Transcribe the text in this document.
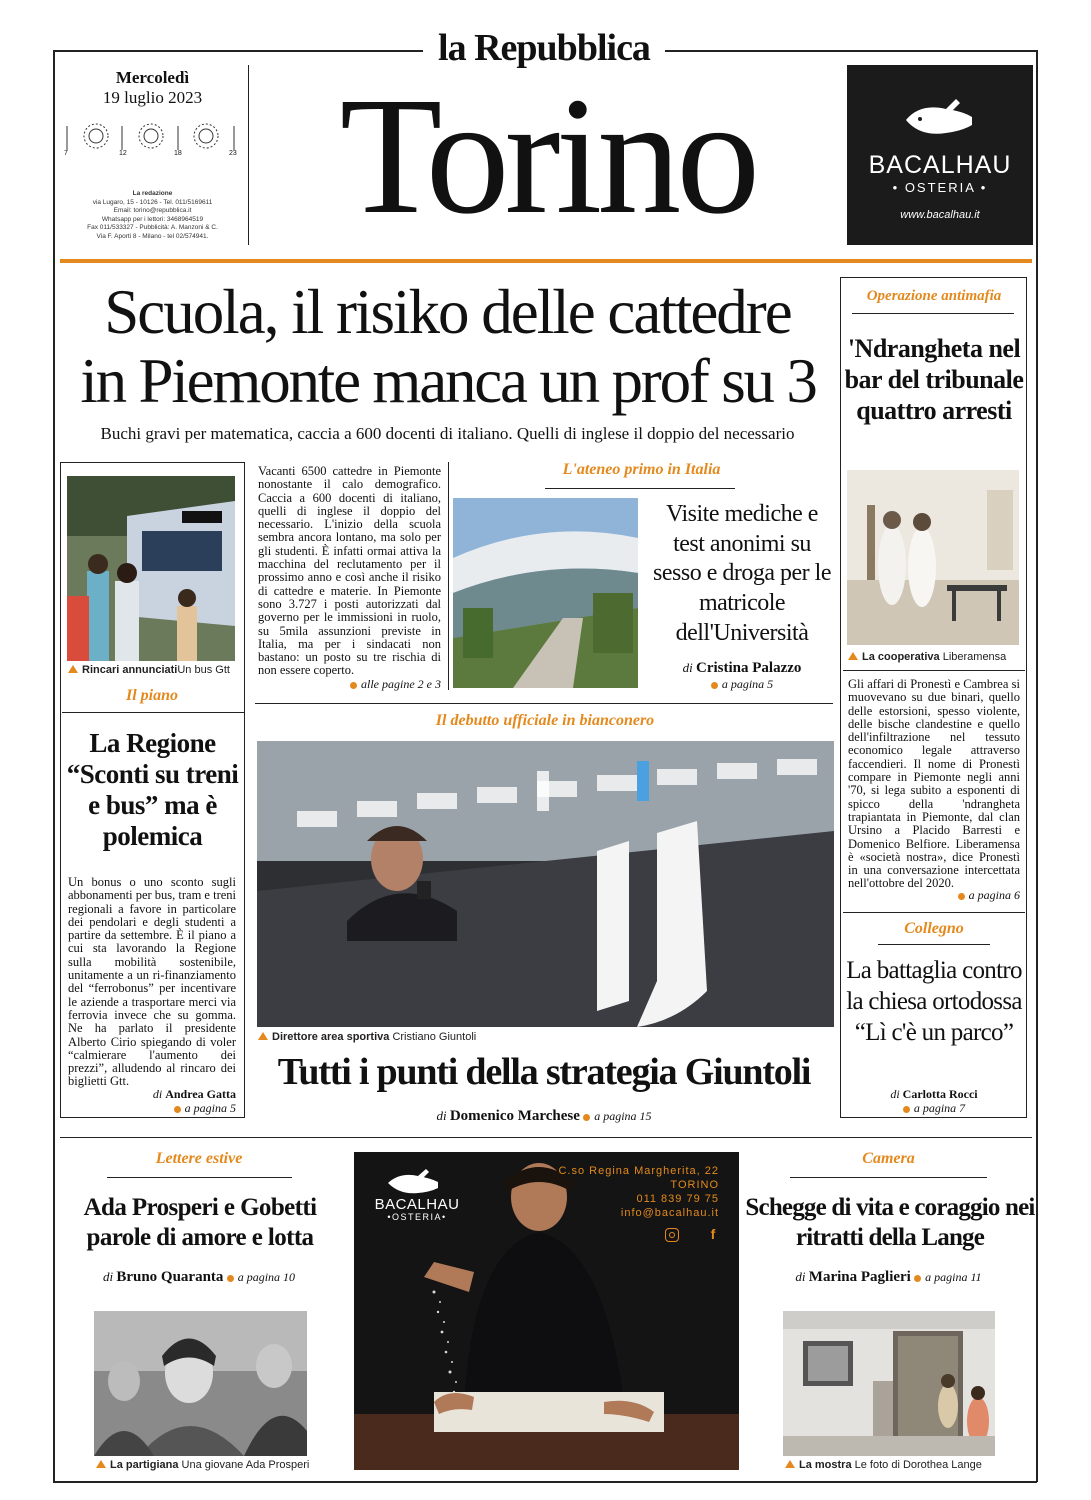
la Repubblica
Mercoledì
19 luglio 2023
7	12	18	23
La redazione
via Lugaro, 15 - 10126 - Tel. 011/5169611
Email: torino@repubblica.it
Whatsapp per i lettori: 3468964519
Fax 011/533327 - Pubblicità: A. Manzoni & C.
Via F. Aporti 8 - Milano - tel 02/574941. Torino	BACALHAU
• OSTERIA •
www.bacalhau.it
Scuola, il risiko delle cattedre
in Piemonte manca un prof su 3
Buchi gravi per matematica, caccia a 600 docenti di italiano. Quelli di inglese il doppio del necessario
Operazione antimafia
'Ndrangheta nel bar del tribunale quattro arresti
La cooperativa Liberamensa
Gli affari di Pronestì e Cambrea si muovevano su due binari, quello delle estorsioni, spesso violente, delle bische clandestine e quello dell'infiltrazione nel tessuto economico legale attraverso faccendieri. Il nome di Pronestì compare in Piemonte negli anni '70, si lega subito a esponenti di spicco della 'ndrangheta trapiantata in Piemonte, dal clan Ursino a Placido Barresti e Domenico Belfiore. Liberamensa è «società nostra», dice Pronestì in una conversazione intercettata nell'ottobre del 2020.
a pagina 6
Collegno
La battaglia contro la chiesa ortodossa “Lì c'è un parco”
di Carlotta Rocci
a pagina 7
Rincari annunciatiUn bus Gtt
Il piano
La Regione “Sconti su treni e bus” ma è polemica
Un bonus o uno sconto sugli abbonamenti per bus, tram e treni regionali a favore in particolare dei pendolari e degli studenti a partire da settembre. È il piano a cui sta lavorando la Regione sulla mobilità sostenibile, unitamente a un ri-finanziamento del “ferrobonus” per incentivare le aziende a trasportare merci via ferrovia invece che su gomma. Ne ha parlato il presidente Alberto Cirio spiegando di voler “calmierare l'aumento dei prezzi”, alludendo al rincaro dei biglietti Gtt.
di Andrea Gatta
a pagina 5
Vacanti 6500 cattedre in Piemonte nonostante il calo demografico. Caccia a 600 docenti di italiano, quelli di inglese il doppio del necessario. L'inizio della scuola sembra ancora lontano, ma solo per gli studenti. È infatti ormai attiva la macchina del reclutamento per il prossimo anno e così anche il risiko di cattedre e materie. In Piemonte sono 3.727 i posti autorizzati dal governo per le immissioni in ruolo, su 5mila assunzioni previste in Italia, ma per i sindacati non bastano: un posto su tre rischia di non essere coperto.
alle pagine 2 e 3
L'ateneo primo in Italia
Visite mediche e test anonimi su sesso e droga per le matricole dell'Università
di Cristina Palazzo
a pagina 5
Il debutto ufficiale in bianconero
Direttore area sportiva Cristiano Giuntoli
Tutti i punti della strategia Giuntoli
di Domenico Marchese a pagina 15
Lettere estive
Ada Prosperi e Gobetti parole di amore e lotta
di Bruno Quaranta a pagina 10
La partigiana Una giovane Ada Prosperi
BACALHAU
•OSTERIA•
C.so Regina Margherita, 22
TORINO
011 839 79 75
info@bacalhau.it
f
Camera
Schegge di vita e coraggio nei ritratti della Lange
di Marina Paglieri a pagina 11
La mostra Le foto di Dorothea Lange
